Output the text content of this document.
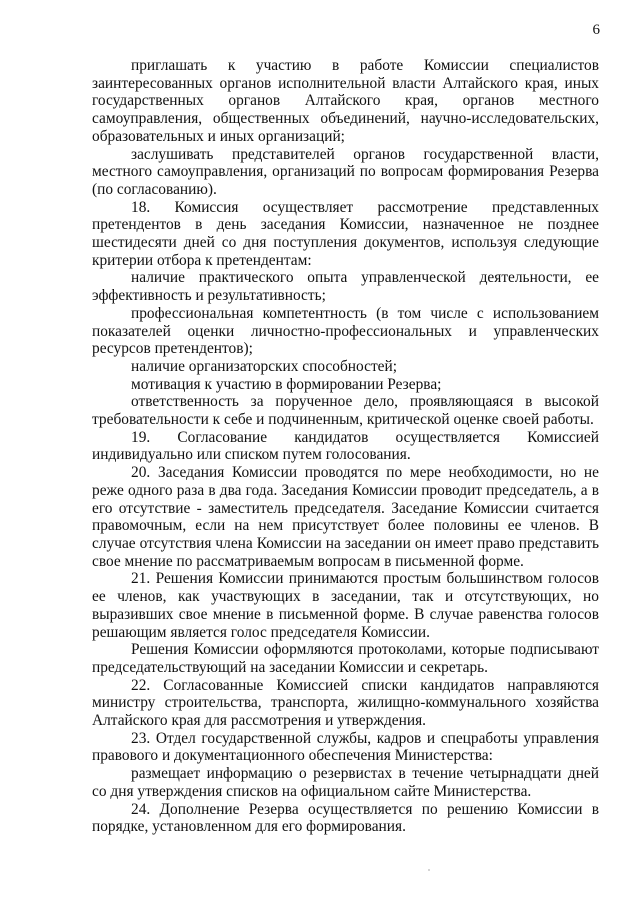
6

приглашать к участию в работе Комиссии специалистов заинтересованных органов исполнительной власти Алтайского края, иных государственных органов Алтайского края, органов местного самоуправления, общественных объединений, научно-исследовательских, образовательных и иных организаций;

заслушивать представителей органов государственной власти, местного самоуправления, организаций по вопросам формирования Резерва (по согласованию).

18. Комиссия осуществляет рассмотрение представленных претендентов в день заседания Комиссии, назначенное не позднее шестидесяти дней со дня поступления документов, используя следующие критерии отбора к претендентам:

наличие практического опыта управленческой деятельности, ее эффективность и результативность;

профессиональная компетентность (в том числе с использованием показателей оценки личностно-профессиональных и управленческих ресурсов претендентов);

наличие организаторских способностей;

мотивация к участию в формировании Резерва;

ответственность за порученное дело, проявляющаяся в высокой требовательности к себе и подчиненным, критической оценке своей работы.

19. Согласование кандидатов осуществляется Комиссией индивидуально или списком путем голосования.

20. Заседания Комиссии проводятся по мере необходимости, но не реже одного раза в два года. Заседания Комиссии проводит председатель, а в его отсутствие - заместитель председателя. Заседание Комиссии считается правомочным, если на нем присутствует более половины ее членов. В случае отсутствия члена Комиссии на заседании он имеет право представить свое мнение по рассматриваемым вопросам в письменной форме.

21. Решения Комиссии принимаются простым большинством голосов ее членов, как участвующих в заседании, так и отсутствующих, но выразивших свое мнение в письменной форме. В случае равенства голосов решающим является голос председателя Комиссии.

Решения Комиссии оформляются протоколами, которые подписывают председательствующий на заседании Комиссии и секретарь.

22. Согласованные Комиссией списки кандидатов направляются министру строительства, транспорта, жилищно-коммунального хозяйства Алтайского края для рассмотрения и утверждения.

23. Отдел государственной службы, кадров и спецработы управления правового и документационного обеспечения Министерства:

размещает информацию о резервистах в течение четырнадцати дней со дня утверждения списков на официальном сайте Министерства.

24. Дополнение Резерва осуществляется по решению Комиссии в порядке, установленном для его формирования.
